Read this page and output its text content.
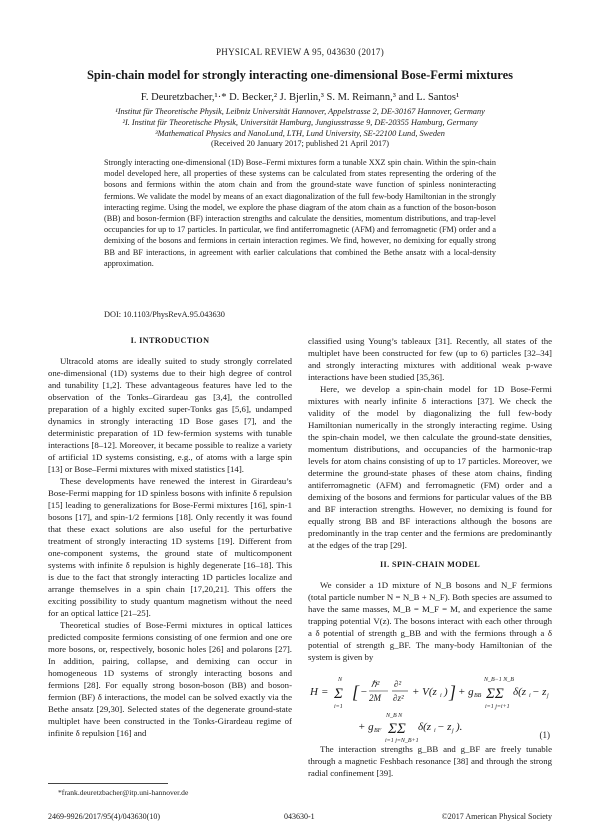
PHYSICAL REVIEW A 95, 043630 (2017)
Spin-chain model for strongly interacting one-dimensional Bose-Fermi mixtures
F. Deuretzbacher,¹·* D. Becker,² J. Bjerlin,³ S. M. Reimann,³ and L. Santos¹
¹Institut für Theoretische Physik, Leibniz Universität Hannover, Appelstrasse 2, DE-30167 Hannover, Germany
²I. Institut für Theoretische Physik, Universität Hamburg, Jungiusstrasse 9, DE-20355 Hamburg, Germany
³Mathematical Physics and NanoLund, LTH, Lund University, SE-22100 Lund, Sweden
(Received 20 January 2017; published 21 April 2017)
Strongly interacting one-dimensional (1D) Bose–Fermi mixtures form a tunable XXZ spin chain. Within the spin-chain model developed here, all properties of these systems can be calculated from states representing the ordering of the bosons and fermions within the atom chain and from the ground-state wave function of spinless noninteracting fermions. We validate the model by means of an exact diagonalization of the full few-body Hamiltonian in the strongly interacting regime. Using the model, we explore the phase diagram of the atom chain as a function of the boson-boson (BB) and boson-fermion (BF) interaction strengths and calculate the densities, momentum distributions, and trap-level occupancies for up to 17 particles. In particular, we find antiferromagnetic (AFM) and ferromagnetic (FM) order and a demixing of the bosons and fermions in certain interaction regimes. We find, however, no demixing for equally strong BB and BF interactions, in agreement with earlier calculations that combined the Bethe ansatz with a local-density approximation.
DOI: 10.1103/PhysRevA.95.043630
I. INTRODUCTION

Ultracold atoms are ideally suited to study strongly correlated one-dimensional (1D) systems due to their high degree of control and tunability [1,2]. These advantageous features have led to the observation of the Tonks–Girardeau gas [3,4], the controlled preparation of a highly excited super-Tonks gas [5,6], undamped dynamics in strongly interacting 1D Bose gases [7], and the deterministic preparation of 1D few-fermion systems with tunable interactions [8–12]. Moreover, it became possible to realize a variety of artificial 1D systems consisting, e.g., of atoms with a large spin [13] or Bose–Fermi mixtures with mixed statistics [14].

These developments have renewed the interest in Girardeau’s Bose-Fermi mapping for 1D spinless bosons with infinite δ repulsion [15] leading to generalizations for Bose-Fermi mixtures [16], spin-1 bosons [17], and spin-1/2 fermions [18]. Only recently it was found that these exact solutions are also useful for the perturbative treatment of strongly interacting 1D systems [19]. Different from one-component systems, the ground state of multicomponent systems with infinite δ repulsion is highly degenerate [16–18]. This is due to the fact that strongly interacting 1D particles localize and arrange themselves in a spin chain [17,20,21]. This offers the exciting possibility to study quantum magnetism without the need for an optical lattice [21–25].

Theoretical studies of Bose-Fermi mixtures in optical lattices predicted composite fermions consisting of one fermion and one ore more bosons, or, respectively, bosonic holes [26] and polarons [27]. In addition, pairing, collapse, and demixing can occur in homogeneous 1D systems of strongly interacting bosons and fermions [28]. For equally strong boson-boson (BB) and boson-fermion (BF) δ interactions, the model can be solved exactly via the Bethe ansatz [29,30]. Selected states of the degenerate ground-state multiplet have been constructed in the Tonks-Girardeau regime of infinite δ repulsion [16] and

classified using Young’s tableaux [31]. Recently, all states of the multiplet have been constructed for few (up to 6) particles [32–34] and strongly interacting mixtures with additional weak p-wave interactions have been studied [35,36].

Here, we develop a spin-chain model for 1D Bose-Fermi mixtures with nearly infinite δ interactions [37]. We check the validity of the model by diagonalizing the full few-body Hamiltonian numerically in the strongly interacting regime. Using the spin-chain model, we then calculate the ground-state densities, momentum distributions, and occupancies of the harmonic-trap levels for atom chains consisting of up to 17 particles. Moreover, we determine the ground-state phases of these atom chains, finding antiferromagnetic (AFM) and ferromagnetic (FM) order and a demixing of the bosons and fermions for particular values of the BB and BF interaction strengths. However, no demixing is found for equally strong BB and BF interactions although the bosons are predominantly in the trap center and the fermions are predominantly at the edges of the trap [29].

II. SPIN-CHAIN MODEL

We consider a 1D mixture of N_B bosons and N_F fermions (total particle number N = N_B + N_F). Both species are assumed to have the same masses, M_B = M_F = M, and experience the same trapping potential V(z). The bosons interact with each other through a δ potential of strength g_BB and with the fermions through a δ potential of strength g_BF. The many-body Hamiltonian of the system is given by

H = Σ
N
i=1
[ −
ℏ²
2M
∂²
∂z² + V(z i ) ] + g BB ΣΣ
N_B−1 N_B
i=1 j=i+1
δ(z i − z j
+ g BF ΣΣ
N_B N
i=1 j=N_B+1
δ(z i − z j ).
(1)

The interaction strengths g_BB and g_BF are freely tunable through a magnetic Feshbach resonance [38] and through the strong radial confinement [39].

*frank.deuretzbacher@itp.uni-hannover.de
2469-9926/2017/95(4)/043630(10)	043630-1	©2017 American Physical Society
